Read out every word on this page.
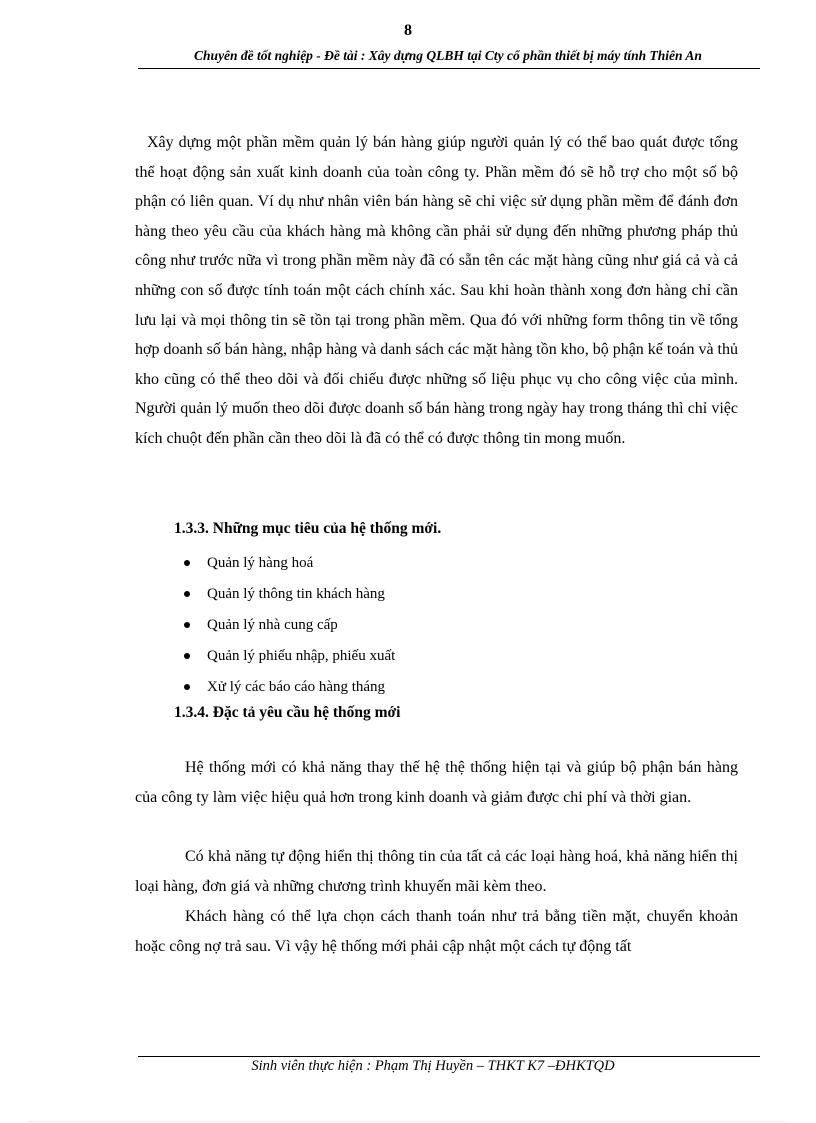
8
Chuyên đề tốt nghiệp - Đề tài : Xây dựng QLBH tại Cty cổ phần thiết bị máy tính Thiên An

Xây dựng một phần mềm quản lý bán hàng giúp người quản lý có thể bao quát được tổng thể hoạt động sản xuất kinh doanh của toàn công ty. Phần mềm đó sẽ hỗ trợ cho một số bộ phận có liên quan. Ví dụ như nhân viên bán hàng sẽ chỉ việc sử dụng phần mềm để đánh đơn hàng theo yêu cầu của khách hàng mà không cần phải sử dụng đến những phương pháp thủ công như trước nữa vì trong phần mềm này đã có sẵn tên các mặt hàng cũng như giá cả và cả những con số được tính toán một cách chính xác. Sau khi hoàn thành xong đơn hàng chỉ cần lưu lại và mọi thông tin sẽ tồn tại trong phần mềm. Qua đó với những form thông tin về tổng hợp doanh số bán hàng, nhập hàng và danh sách các mặt hàng tồn kho, bộ phận kế toán và thủ kho cũng có thể theo dõi và đối chiếu được những số liệu phục vụ cho công việc của mình. Người quản lý muốn theo dõi được doanh số bán hàng trong ngày hay trong tháng thì chỉ việc kích chuột đến phần cần theo dõi là đã có thể có được thông tin mong muốn.

1.3.3. Những mục tiêu của hệ thống mới.
Quản lý hàng hoá
Quản lý thông tin khách hàng
Quản lý nhà cung cấp
Quản lý phiếu nhập, phiếu xuất
Xử lý các báo cáo hàng tháng
1.3.4. Đặc tả yêu cầu hệ thống mới

Hệ thống mới có khả năng thay thế hệ thệ thống hiện tại và giúp bộ phận bán hàng của công ty làm việc hiệu quả hơn trong kinh doanh và giảm được chi phí và thời gian.

Có khả năng tự động hiển thị thông tin của tất cả các loại hàng hoá, khả năng hiển thị loại hàng, đơn giá và những chương trình khuyến mãi kèm theo.

Khách hàng có thể lựa chọn cách thanh toán như trả bằng tiền mặt, chuyển khoản hoặc công nợ trả sau. Vì vậy hệ thống mới phải cập nhật một cách tự động tất

Sinh viên thực hiện : Phạm Thị Huyền – THKT K7 –ĐHKTQD
